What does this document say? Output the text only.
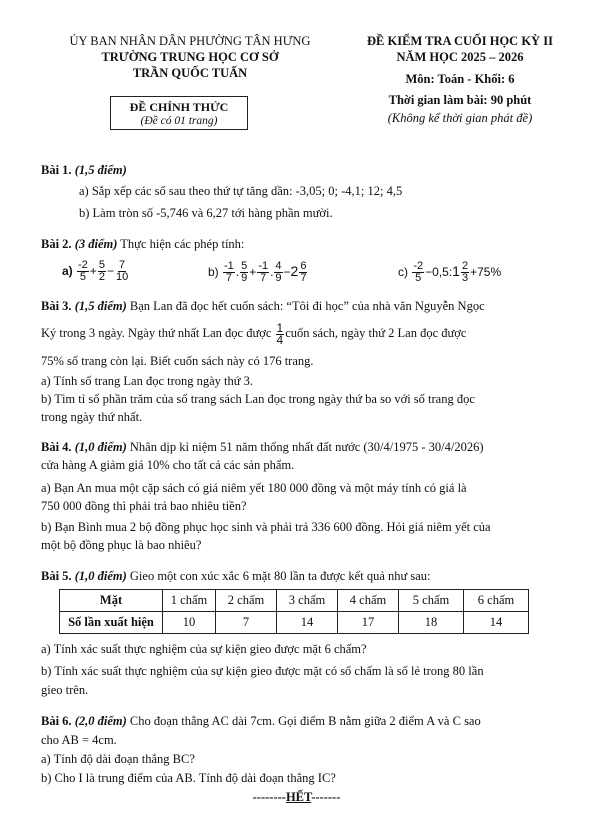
ỦY BAN NHÂN DÂN PHƯỜNG TÂN HƯNG
TRƯỜNG TRUNG HỌC CƠ SỞ
TRẦN QUỐC TUẤN
ĐỀ CHÍNH THỨC
(Đề có 01 trang)
ĐỀ KIỂM TRA CUỐI HỌC KỲ II
NĂM HỌC 2025 – 2026
Môn: Toán - Khối: 6
Thời gian làm bài: 90 phút
(Không kể thời gian phát đề)
Bài 1. (1,5 điểm)
a) Sắp xếp các số sau theo thứ tự tăng dần: -3,05; 0; -4,1; 12; 4,5
b) Làm tròn số -5,746 và 6,27 tới hàng phần mười.
Bài 2. (3 điểm) Thực hiện các phép tính:
$a) \frac{-2}{5} + \frac{5}{2} - \frac{7}{10}$	$b) \frac{-1}{7}$ . $\frac{5}{9} + \frac{-1}{7}$ . $\frac{4}{9} -2 \frac{6}{7}$	$c) \frac{-2}{5}$ −0,5:1 $\frac{2}{3} +75\%$
Bài 3. (1,5 điểm) Bạn Lan đã đọc hết cuốn sách: “Tôi đi học” của nhà văn Nguyễn Ngọc
Ký trong 3 ngày. Ngày thứ nhất Lan đọc được $\frac{1}{4}$ cuốn sách, ngày thứ 2 Lan đọc được
75% số trang còn lại. Biết cuốn sách này có 176 trang.
a) Tính số trang Lan đọc trong ngày thứ 3.
b) Tìm tỉ số phần trăm của số trang sách Lan đọc trong ngày thứ ba so với số trang đọc
trong ngày thứ nhất.
Bài 4. (1,0 điểm) Nhân dịp kỉ niệm 51 năm thống nhất đất nước (30/4/1975 - 30/4/2026)
cửa hàng A giảm giá 10% cho tất cả các sản phẩm.
a) Bạn An mua một cặp sách có giá niêm yết 180 000 đồng và một máy tính có giá là
750 000 đồng thì phải trả bao nhiêu tiền?
b) Bạn Bình mua 2 bộ đồng phục học sinh và phải trả 336 600 đồng. Hỏi giá niêm yết của
một bộ đồng phục là bao nhiêu?
Bài 5. (1,0 điểm) Gieo một con xúc xắc 6 mặt 80 lần ta được kết quả như sau:
Mặt	1 chấm	2 chấm	3 chấm	4 chấm	5 chấm	6 chấm
Số lần xuất hiện	10	7	14	17	18	14
a) Tính xác suất thực nghiệm của sự kiện gieo được mặt 6 chấm?
b) Tính xác suất thực nghiệm của sự kiện gieo được mặt có số chấm là số lẻ trong 80 lần
gieo trên.
Bài 6. (2,0 điểm) Cho đoạn thẳng AC dài 7cm. Gọi điểm B nằm giữa 2 điểm A và C sao
cho AB = 4cm.
a) Tính độ dài đoạn thẳng BC?
b) Cho I là trung điểm của AB. Tính độ dài đoạn thẳng IC?
--------HẾT-------
